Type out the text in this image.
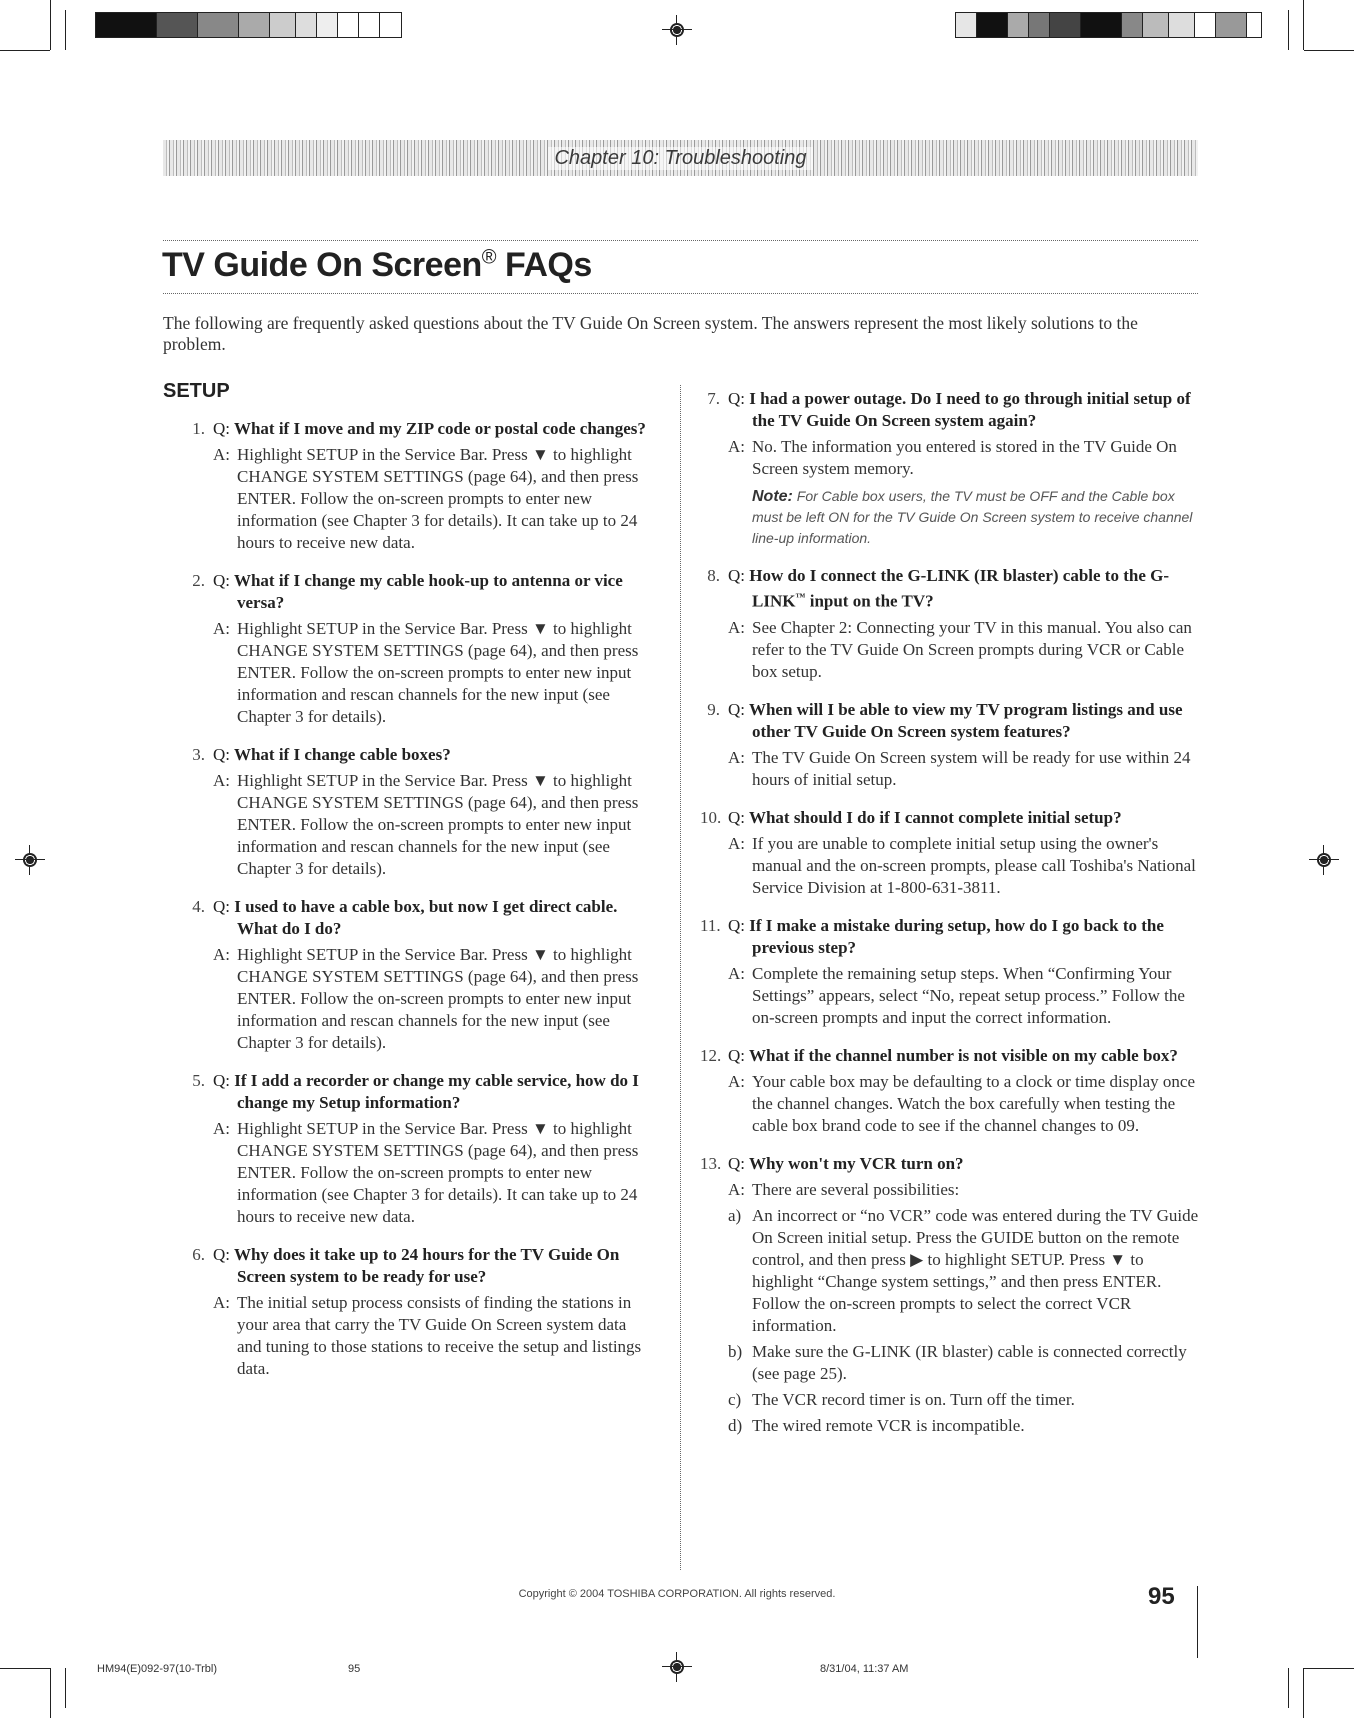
Chapter 10: Troubleshooting
TV Guide On Screen® FAQs
The following are frequently asked questions about the TV Guide On Screen system. The answers represent the most likely solutions to the problem.
SETUP
1. Q: What if I move and my ZIP code or postal code changes?
A: Highlight SETUP in the Service Bar. Press ▼ to highlight CHANGE SYSTEM SETTINGS (page 64), and then press ENTER. Follow the on-screen prompts to enter new information (see Chapter 3 for details). It can take up to 24 hours to receive new data.
2. Q: What if I change my cable hook-up to antenna or vice versa?
A: Highlight SETUP in the Service Bar. Press ▼ to highlight CHANGE SYSTEM SETTINGS (page 64), and then press ENTER. Follow the on-screen prompts to enter new input information and rescan channels for the new input (see Chapter 3 for details).
3. Q: What if I change cable boxes?
A: Highlight SETUP in the Service Bar. Press ▼ to highlight CHANGE SYSTEM SETTINGS (page 64), and then press ENTER. Follow the on-screen prompts to enter new input information and rescan channels for the new input (see Chapter 3 for details).
4. Q: I used to have a cable box, but now I get direct cable. What do I do?
A: Highlight SETUP in the Service Bar. Press ▼ to highlight CHANGE SYSTEM SETTINGS (page 64), and then press ENTER. Follow the on-screen prompts to enter new input information and rescan channels for the new input (see Chapter 3 for details).
5. Q: If I add a recorder or change my cable service, how do I change my Setup information?
A: Highlight SETUP in the Service Bar. Press ▼ to highlight CHANGE SYSTEM SETTINGS (page 64), and then press ENTER. Follow the on-screen prompts to enter new information (see Chapter 3 for details). It can take up to 24 hours to receive new data.
6. Q: Why does it take up to 24 hours for the TV Guide On Screen system to be ready for use?
A: The initial setup process consists of finding the stations in your area that carry the TV Guide On Screen system data and tuning to those stations to receive the setup and listings data.
7. Q: I had a power outage. Do I need to go through initial setup of the TV Guide On Screen system again?
A: No. The information you entered is stored in the TV Guide On Screen system memory.
Note: For Cable box users, the TV must be OFF and the Cable box must be left ON for the TV Guide On Screen system to receive channel line-up information.
8. Q: How do I connect the G-LINK (IR blaster) cable to the G-LINK™ input on the TV?
A: See Chapter 2: Connecting your TV in this manual. You also can refer to the TV Guide On Screen prompts during VCR or Cable box setup.
9. Q: When will I be able to view my TV program listings and use other TV Guide On Screen system features?
A: The TV Guide On Screen system will be ready for use within 24 hours of initial setup.
10. Q: What should I do if I cannot complete initial setup?
A: If you are unable to complete initial setup using the owner's manual and the on-screen prompts, please call Toshiba's National Service Division at 1-800-631-3811.
11. Q: If I make a mistake during setup, how do I go back to the previous step?
A: Complete the remaining setup steps. When “Confirming Your Settings” appears, select “No, repeat setup process.” Follow the on-screen prompts and input the correct information.
12. Q: What if the channel number is not visible on my cable box?
A: Your cable box may be defaulting to a clock or time display once the channel changes. Watch the box carefully when testing the cable box brand code to see if the channel changes to 09.
13. Q: Why won't my VCR turn on?
A: There are several possibilities:
a) An incorrect or “no VCR” code was entered during the TV Guide On Screen initial setup. Press the GUIDE button on the remote control, and then press ▶ to highlight SETUP. Press ▼ to highlight “Change system settings,” and then press ENTER. Follow the on-screen prompts to select the correct VCR information.
b) Make sure the G-LINK (IR blaster) cable is connected correctly (see page 25).
c) The VCR record timer is on. Turn off the timer.
d) The wired remote VCR is incompatible.
Copyright © 2004 TOSHIBA CORPORATION. All rights reserved.	95
HM94(E)092-97(10-Trbl)	95	8/31/04, 11:37 AM
